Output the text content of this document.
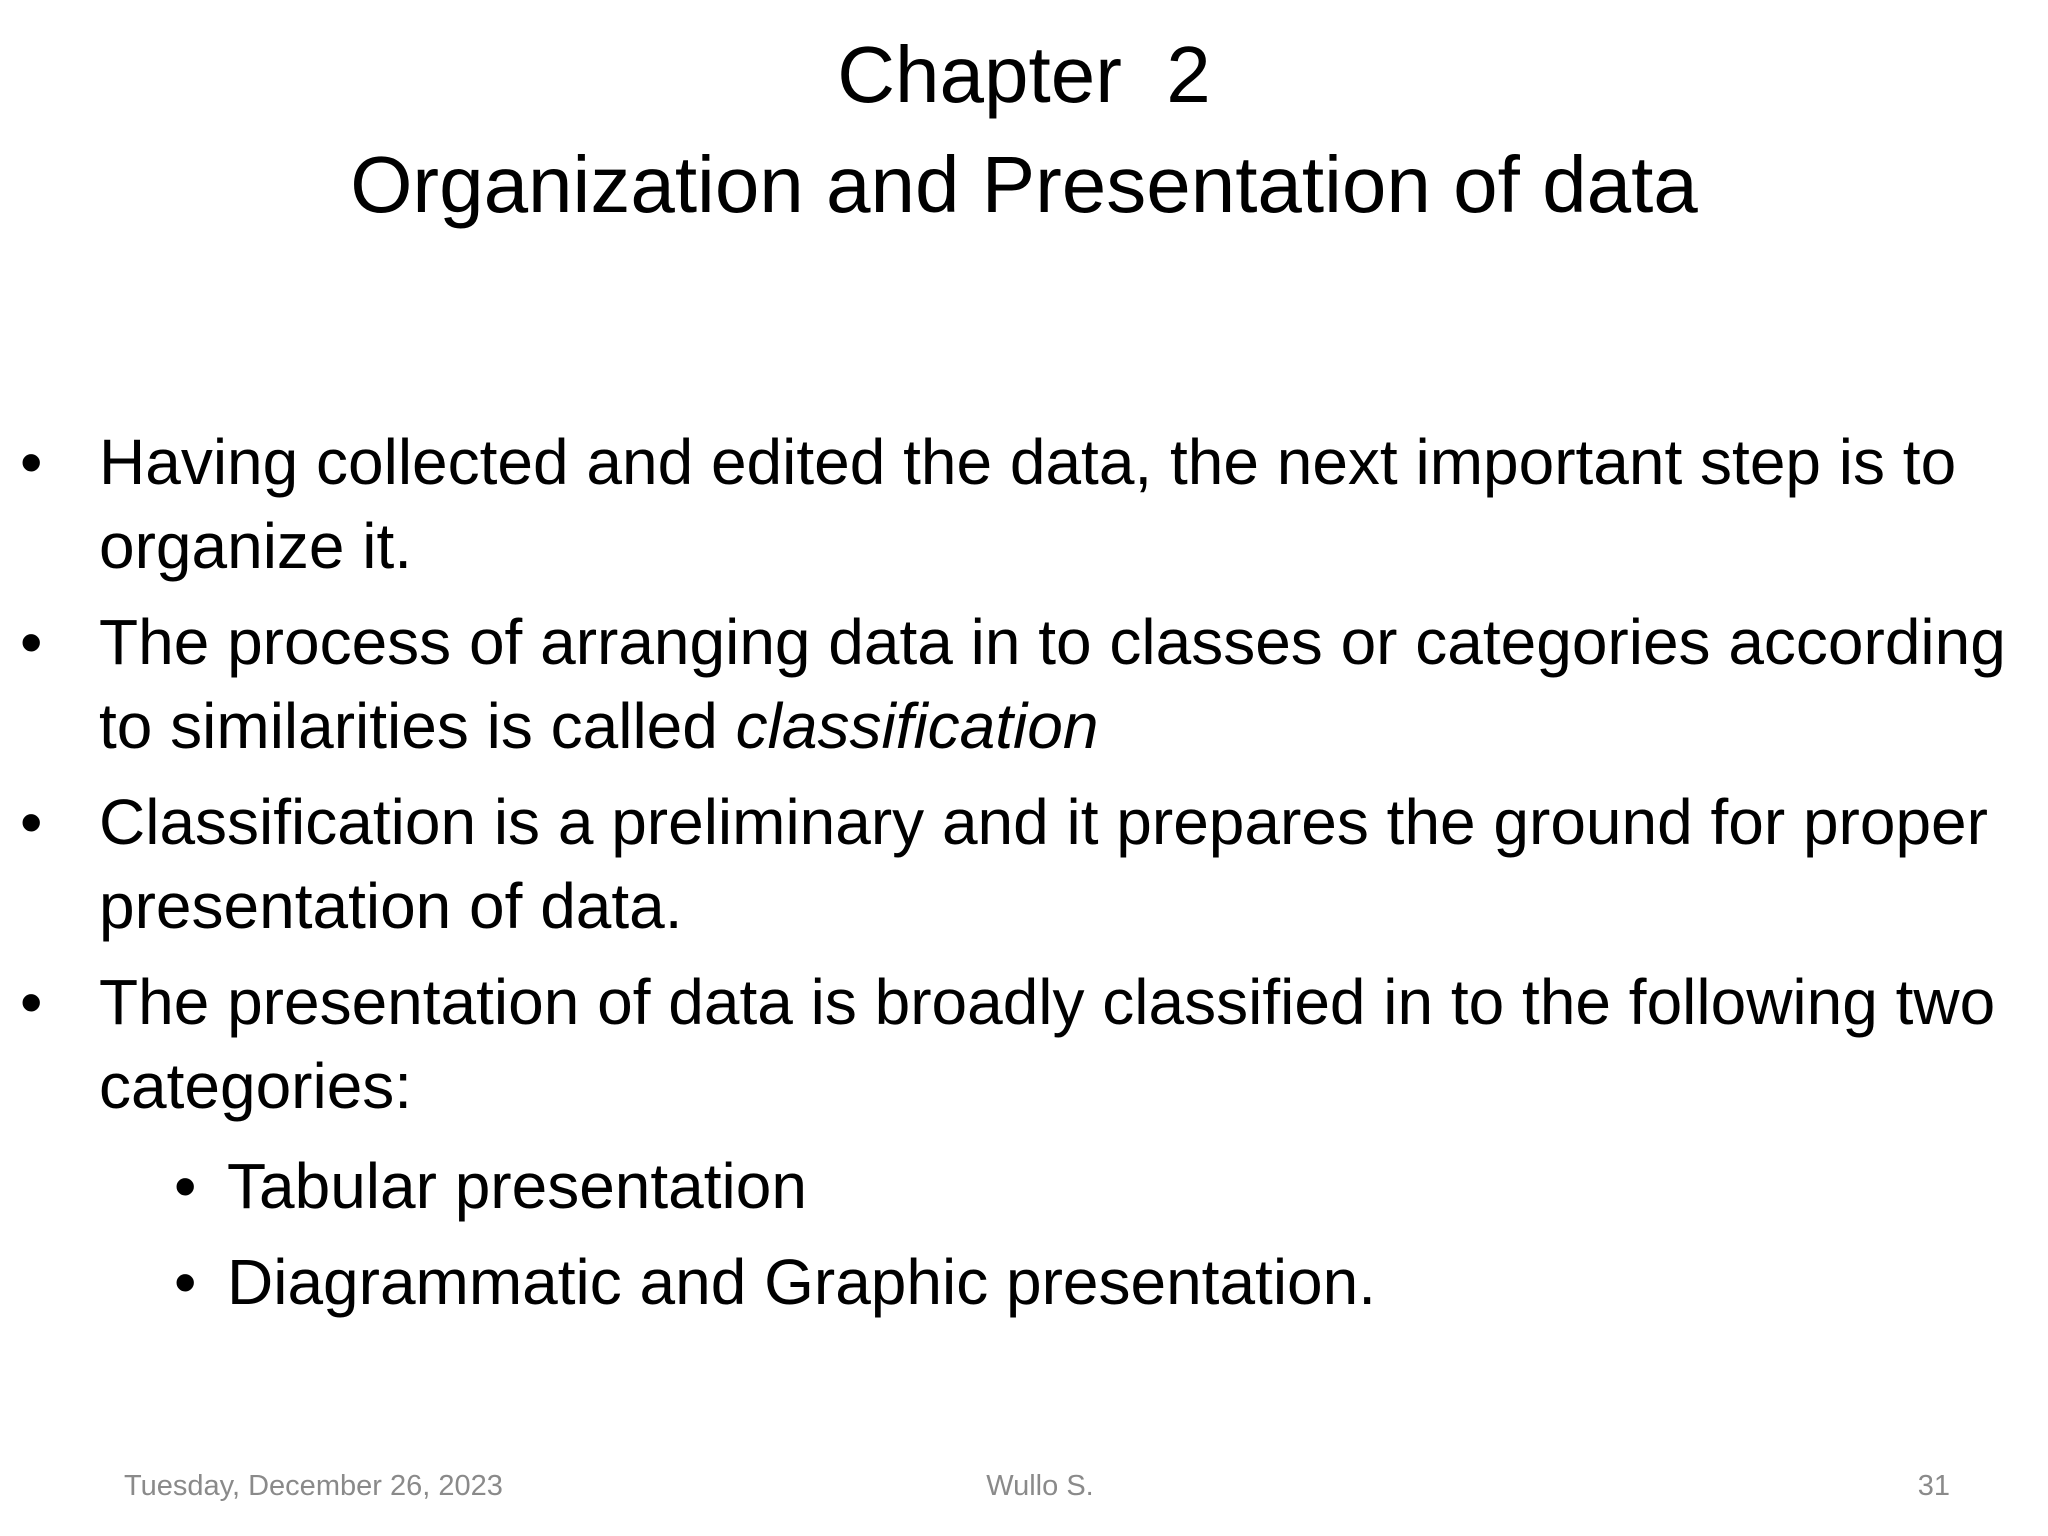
Chapter  2
Organization and Presentation of data
• Having collected and edited the data, the next important step is to organize it.
• The process of arranging data in to classes or categories according to similarities is called classification
• Classification is a preliminary and it prepares the ground for proper presentation of data.
• The presentation of data is broadly classified in to the following two categories:
• Tabular presentation
• Diagrammatic and Graphic presentation.
Tuesday, December 26, 2023	Wullo S.	31
